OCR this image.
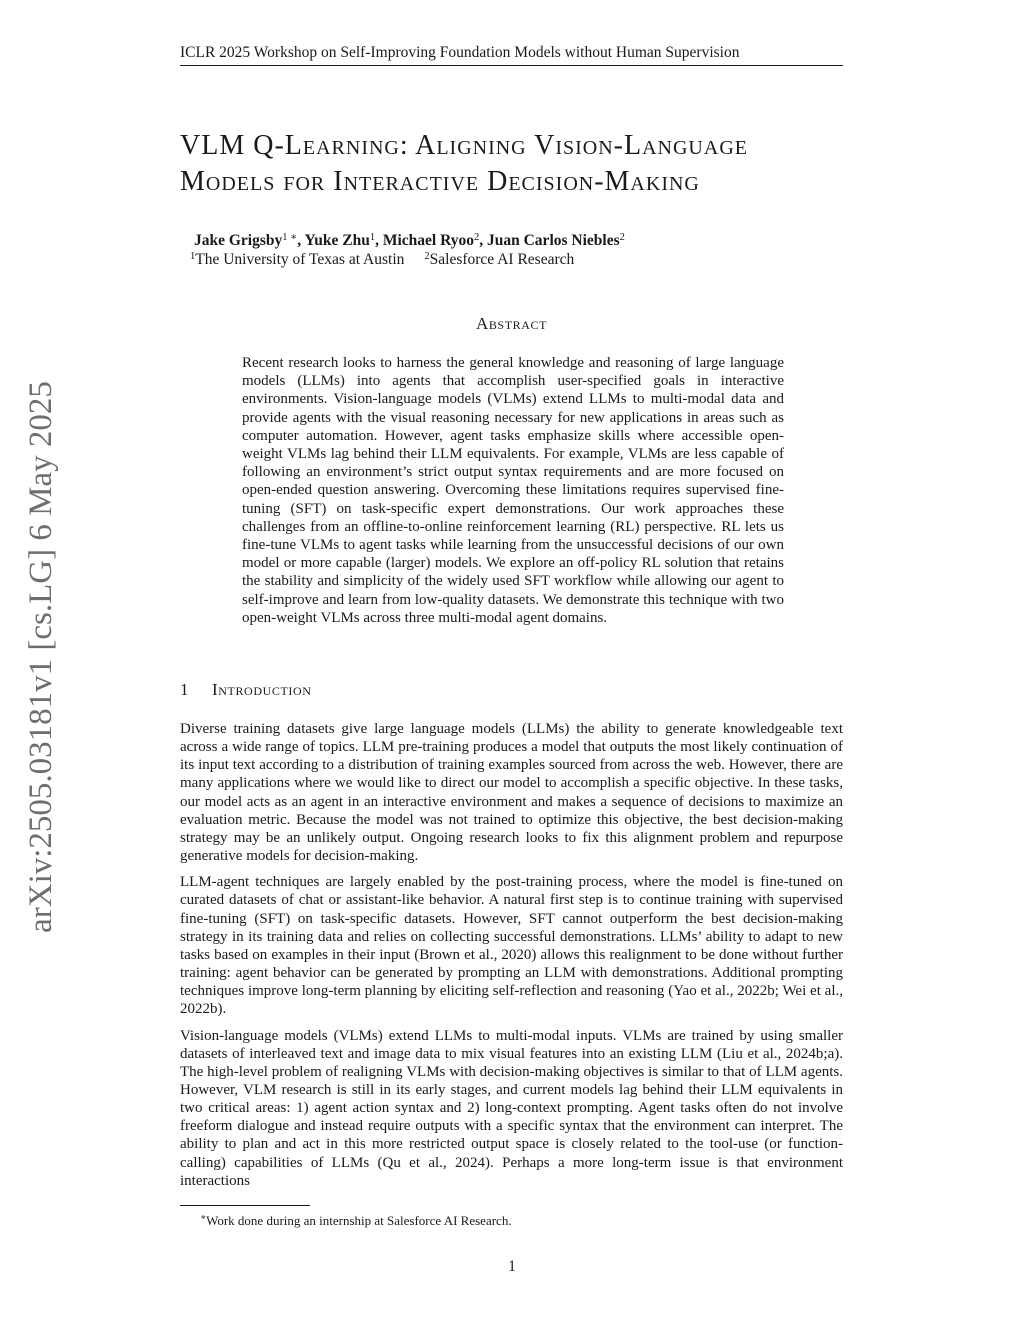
ICLR 2025 Workshop on Self-Improving Foundation Models without Human Supervision
arXiv:2505.03181v1 [cs.LG] 6 May 2025
VLM Q-Learning: Aligning Vision-Language
Models for Interactive Decision-Making
Jake Grigsby$^{1 ∗}$, Yuke Zhu$^1$, Michael Ryoo$^2$, Juan Carlos Niebles$^2$
$^1$The University of Texas at Austin $^2$Salesforce AI Research
Abstract
Recent research looks to harness the general knowledge and reasoning of large language models (LLMs) into agents that accomplish user-specified goals in interactive environments. Vision-language models (VLMs) extend LLMs to multi-modal data and provide agents with the visual reasoning necessary for new applications in areas such as computer automation. However, agent tasks emphasize skills where accessible open-weight VLMs lag behind their LLM equivalents. For example, VLMs are less capable of following an environment’s strict output syntax requirements and are more focused on open-ended question answering. Overcoming these limitations requires supervised fine-tuning (SFT) on task-specific expert demonstrations. Our work approaches these challenges from an offline-to-online reinforcement learning (RL) perspective. RL lets us fine-tune VLMs to agent tasks while learning from the unsuccessful decisions of our own model or more capable (larger) models. We explore an off-policy RL solution that retains the stability and simplicity of the widely used SFT workflow while allowing our agent to self-improve and learn from low-quality datasets. We demonstrate this technique with two open-weight VLMs across three multi-modal agent domains.
1 Introduction

Diverse training datasets give large language models (LLMs) the ability to generate knowledgeable text across a wide range of topics. LLM pre-training produces a model that outputs the most likely continuation of its input text according to a distribution of training examples sourced from across the web. However, there are many applications where we would like to direct our model to accomplish a specific objective. In these tasks, our model acts as an agent in an interactive environment and makes a sequence of decisions to maximize an evaluation metric. Because the model was not trained to optimize this objective, the best decision-making strategy may be an unlikely output. Ongoing research looks to fix this alignment problem and repurpose generative models for decision-making.

LLM-agent techniques are largely enabled by the post-training process, where the model is fine-tuned on curated datasets of chat or assistant-like behavior. A natural first step is to continue training with supervised fine-tuning (SFT) on task-specific datasets. However, SFT cannot outperform the best decision-making strategy in its training data and relies on collecting successful demonstrations. LLMs’ ability to adapt to new tasks based on examples in their input (Brown et al., 2020) allows this realignment to be done without further training: agent behavior can be generated by prompting an LLM with demonstrations. Additional prompting techniques improve long-term planning by eliciting self-reflection and reasoning (Yao et al., 2022b; Wei et al., 2022b).

Vision-language models (VLMs) extend LLMs to multi-modal inputs. VLMs are trained by using smaller datasets of interleaved text and image data to mix visual features into an existing LLM (Liu et al., 2024b;a). The high-level problem of realigning VLMs with decision-making objectives is similar to that of LLM agents. However, VLM research is still in its early stages, and current models lag behind their LLM equivalents in two critical areas: 1) agent action syntax and 2) long-context prompting. Agent tasks often do not involve freeform dialogue and instead require outputs with a specific syntax that the environment can interpret. The ability to plan and act in this more restricted output space is closely related to the tool-use (or function-calling) capabilities of LLMs (Qu et al., 2024). Perhaps a more long-term issue is that environment interactions

∗Work done during an internship at Salesforce AI Research.
1
